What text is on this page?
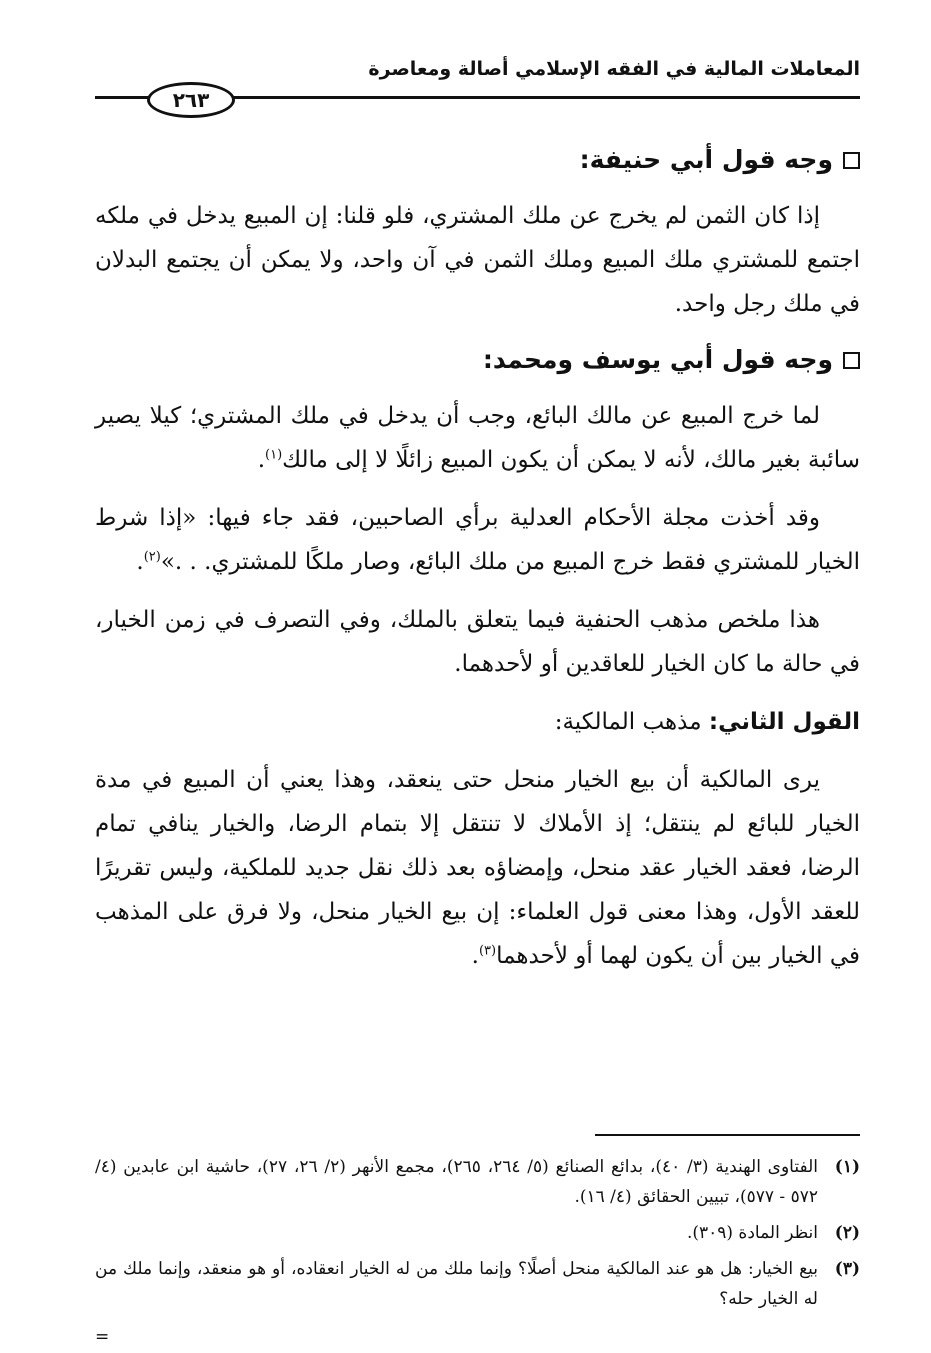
المعاملات المالية في الفقه الإسلامي أصالة ومعاصرة
٢٦٣
وجه قول أبي حنيفة:

إذا كان الثمن لم يخرج عن ملك المشتري، فلو قلنا: إن المبيع يدخل في ملكه اجتمع للمشتري ملك المبيع وملك الثمن في آن واحد، ولا يمكن أن يجتمع البدلان في ملك رجل واحد.

وجه قول أبي يوسف ومحمد:

لما خرج المبيع عن مالك البائع، وجب أن يدخل في ملك المشتري؛ كيلا يصير سائبة بغير مالك، لأنه لا يمكن أن يكون المبيع زائلًا لا إلى مالك$^{(١)}$.

وقد أخذت مجلة الأحكام العدلية برأي الصاحبين، فقد جاء فيها: «إذا شرط الخيار للمشتري فقط خرج المبيع من ملك البائع، وصار ملكًا للمشتري. . .»$^{(٢)}$.

هذا ملخص مذهب الحنفية فيما يتعلق بالملك، وفي التصرف في زمن الخيار، في حالة ما كان الخيار للعاقدين أو لأحدهما.

القول الثاني: مذهب المالكية:

يرى المالكية أن بيع الخيار منحل حتى ينعقد، وهذا يعني أن المبيع في مدة الخيار للبائع لم ينتقل؛ إذ الأملاك لا تنتقل إلا بتمام الرضا، والخيار ينافي تمام الرضا، فعقد الخيار عقد منحل، وإمضاؤه بعد ذلك نقل جديد للملكية، وليس تقريرًا للعقد الأول، وهذا معنى قول العلماء: إن بيع الخيار منحل، ولا فرق على المذهب في الخيار بين أن يكون لهما أو لأحدهما$^{(٣)}$.

(١)
الفتاوى الهندية (٣/ ٤٠)، بدائع الصنائع (٥/ ٢٦٤، ٢٦٥)، مجمع الأنهر (٢/ ٢٦، ٢٧)، حاشية ابن عابدين (٤/ ٥٧٢ - ٥٧٧)، تبيين الحقائق (٤/ ١٦).
(٢)
انظر المادة (٣٠٩).
(٣)
بيع الخيار: هل هو عند المالكية منحل أصلًا؟ وإنما ملك من له الخيار انعقاده، أو هو منعقد، وإنما ملك من له الخيار حله؟
=
